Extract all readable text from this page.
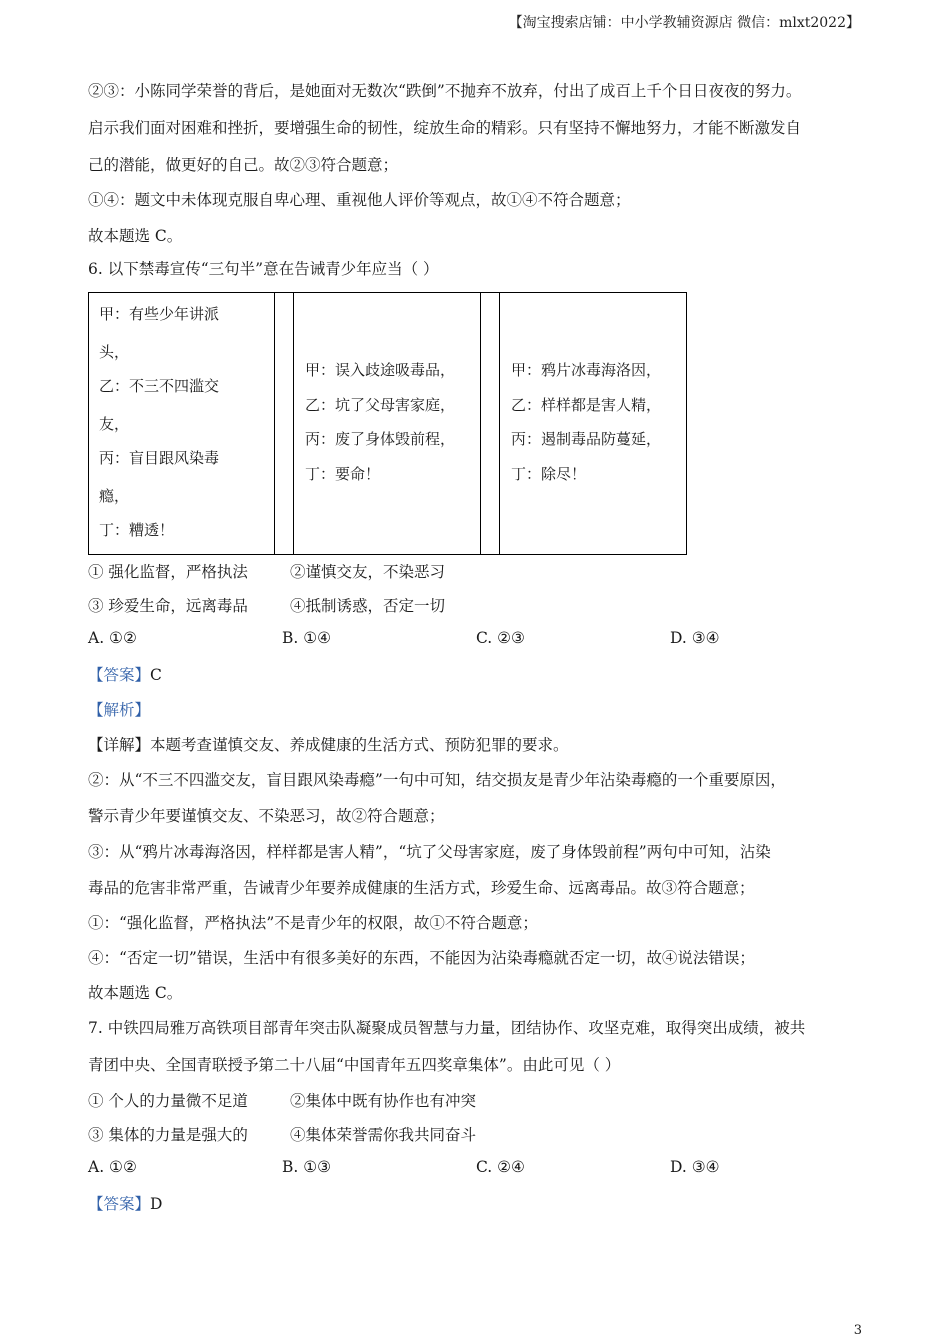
【淘宝搜索店铺：中小学教辅资源店 微信：mlxt2022】
②③：小陈同学荣誉的背后，是她面对无数次“跌倒”不抛弃不放弃，付出了成百上千个日日夜夜的努力。
启示我们面对困难和挫折，要增强生命的韧性，绽放生命的精彩。只有坚持不懈地努力，才能不断激发自
己的潜能，做更好的自己。故②③符合题意；
①④：题文中未体现克服自卑心理、重视他人评价等观点，故①④不符合题意；
故本题选 C。
6. 以下禁毒宣传“三句半”意在告诫青少年应当（ ）
甲：有些少年讲派
头，
乙：不三不四滥交
友，
丙：盲目跟风染毒
瘾，
丁：糟透！
甲：误入歧途吸毒品，
乙：坑了父母害家庭，
丙：废了身体毁前程，
丁：要命！
甲：鸦片冰毒海洛因，
乙：样样都是害人精，
丙：遏制毒品防蔓延，
丁：除尽！
① 强化监督，严格执法	②谨慎交友，不染恶习
③ 珍爱生命，远离毒品	④抵制诱惑，否定一切
A. ①②	B. ①④	C. ②③	D. ③④
【答案】C
【解析】
【详解】本题考查谨慎交友、养成健康的生活方式、预防犯罪的要求。
②：从“不三不四滥交友，盲目跟风染毒瘾”一句中可知，结交损友是青少年沾染毒瘾的一个重要原因，
警示青少年要谨慎交友、不染恶习，故②符合题意；
③：从“鸦片冰毒海洛因，样样都是害人精”，“坑了父母害家庭，废了身体毁前程”两句中可知，沾染
毒品的危害非常严重，告诫青少年要养成健康的生活方式，珍爱生命、远离毒品。故③符合题意；
①：“强化监督，严格执法”不是青少年的权限，故①不符合题意；
④：“否定一切”错误，生活中有很多美好的东西，不能因为沾染毒瘾就否定一切，故④说法错误；
故本题选 C。
7. 中铁四局雅万高铁项目部青年突击队凝聚成员智慧与力量，团结协作、攻坚克难，取得突出成绩，被共
青团中央、全国青联授予第二十八届“中国青年五四奖章集体”。由此可见（ ）
① 个人的力量微不足道	②集体中既有协作也有冲突
③ 集体的力量是强大的	④集体荣誉需你我共同奋斗
A. ①②	B. ①③	C. ②④	D. ③④
【答案】D
3
